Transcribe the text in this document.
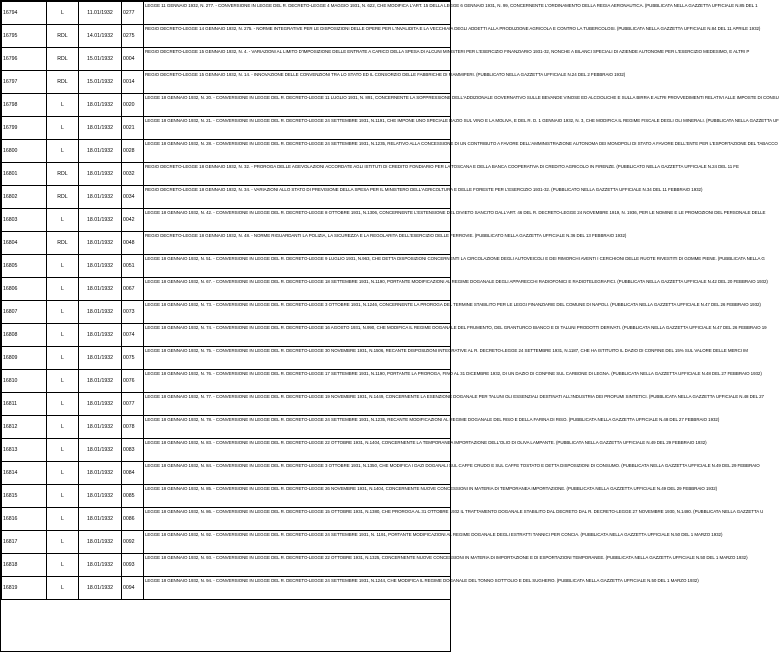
16794	L	11.01/1932	0277	LEGGE 11 GENNAIO 1932, N. 277. - CONVERSIONE IN LEGGE DEL R. DECRETO-LEGGE 4 MAGGIO 1931, N. 622, CHE MODIFICA L'ART. 15 DELLA LEGGE 6 GENNAIO 1931, N. 99, CONCERNENTE L'ORDINAMENTO DELLA REGIA AERONAUTICA. (PUBBLICATA NELLA GAZZETTA UFFICIALE N.85 DEL 1
16795	RDL	14.01/1932	0275	REGIO DECRETO-LEGGE 14 GENNAIO 1932, N. 275. - NORME INTEGRATIVE PER LE DISPOSIZIONI DELLE OPERE PER L'INVALIDITA E LA VECCHIAIA DEGLI ADDETTI ALLA PRODUZIONE AGRICOLA E CONTRO LA TUBERCOLOSI. (PUBBLICATA NELLA GAZZETTA UFFICIALE N.84 DEL 11 APRILE 1932)
16796	RDL	15.01/1932	0004	REGIO DECRETO-LEGGE 15 GENNAIO 1932, N. 4. - VARIAZIONI AL LIMITO D'IMPOSIZIONE DELLE ENTRATE A CARICO DELLA SPESA DI ALCUNI MINISTERI PER L'ESERCIZIO FINANZIARIO 1931-32, NONCHE A BILANCI SPECIALI DI AZIENDE AUTONOME PER L'ESERCIZIO MEDESIMO, E ALTRI P
16797	RDL	15.01/1932	0014	REGIO DECRETO-LEGGE 15 GENNAIO 1932, N. 14. - INNOVAZIONE DELLE CONVENZIONI TRA LO STATO ED IL CONSORZIO DELLE FABBRICHE DI FIAMMIFERI. (PUBBLICATO NELLA GAZZETTA UFFICIALE N.24 DEL 2 FEBBRAIO 1932)
16798	L	18.01/1932	0020	LEGGE 18 GENNAIO 1932, N. 20. - CONVERSIONE IN LEGGE DEL R. DECRETO-LEGGE 11 LUGLIO 1931, N. 891, CONCERNENTE LA SOPPRESSIONE DELL'ADDIZIONALE GOVERNATIVO SULLE BEVANDE VINOSE ED ALCOOLICHE E SULLA BIRRA E ALTRI PROVVEDIMENTI RELATIVI ALLE IMPOSTE DI CONSU
16799	L	18.01/1932	0021	LEGGE 18 GENNAIO 1932, N. 21. - CONVERSIONE IN LEGGE DEL R. DECRETO-LEGGE 24 SETTEMBRE 1931, N.1191, CHE IMPONE UNO SPECIALE DAZIO SUL VINO E LA MOLIVA, E DEL R. D. 1 GENNAIO 1932, N. 3, CHE MODIFICA IL REGIME FISCALE DEGLI OLI MINERALI. (PUBBLICATA NELLA GAZZETTA UF
16800	L	18.01/1932	0028	LEGGE 18 GENNAIO 1932, N. 28. - CONVERSIONE IN LEGGE DEL R. DECRETO-LEGGE 24 SETTEMBRE 1931, N.1235, RELATIVO ALLA CONCESSIONE DI UN CONTRIBUTO A FAVORE DELL'AMMINISTRAZIONE AUTONOMA DEI MONOPOLI DI STATO A FAVORE DELL'ENTE PER L'ESPORTAZIONE DEL TABACCO
16801	RDL	18.01/1932	0032	REGIO DECRETO-LEGGE 18 GENNAIO 1932, N. 32. - PROROGA DELLE AGEVOLAZIONI ACCORDATE AGLI ISTITUTI DI CREDITO FONDIARIO PER LA TOSCANA E DELLA BANCA COOPERATIVA DI CREDITO AGRICOLO IN FIRENZE. (PUBBLICATO NELLA GAZZETTA UFFICIALE N.24 DEL 11 FE
16802	RDL	18.01/1932	0034	REGIO DECRETO-LEGGE 18 GENNAIO 1932, N. 34. - VARIAZIONI ALLO STATO DI PREVISIONE DELLA SPESA PER IL MINISTERO DELL'AGRICOLTURA E DELLE FORESTE PER L'ESERCIZIO 1931-32. (PUBBLICATO NELLA GAZZETTA UFFICIALE N.34 DEL 11 FEBBRAIO 1932)
16803	L	18.01/1932	0042	LEGGE 18 GENNAIO 1932, N. 42. - CONVERSIONE IN LEGGE DEL R. DECRETO-LEGGE 8 OTTOBRE 1931, N.1306, CONCERNENTE L'ESTENSIONE DEL DIVIETO SANCITO DALL'ART. 46 DEL R. DECRETO-LEGGE 24 NOVEMBRE 1919, N. 1936, PER LE NOMINE E LE PROMOZIONI DEL PERSONALE DELLE
16804	RDL	18.01/1932	0048	REGIO DECRETO-LEGGE 18 GENNAIO 1932, N. 48. - NORME RIGUARDANTI LA POLIZIA, LA SICUREZZA E LA REGOLARITA DELL'ESERCIZIO DELLE FERROVIE. (PUBBLICATO NELLA GAZZETTA UFFICIALE N.36 DEL 13 FEBBRAIO 1932)
16805	L	18.01/1932	0051	LEGGE 18 GENNAIO 1932, N. 51. - CONVERSIONE IN LEGGE DEL R. DECRETO-LEGGE 9 LUGLIO 1931, N.963, CHE DETTA DISPOSIZIONI CONCERNENTI LA CIRCOLAZIONE DEGLI AUTOVEICOLI E DEI RIMORCHI AVENTI I CERCHIONI DELLE RUOTE RIVESTITI DI GOMME PIENE. (PUBBLICATA NELLA G
16806	L	18.01/1932	0067	LEGGE 18 GENNAIO 1932, N. 67. - CONVERSIONE IN LEGGE DEL R. DECRETO-LEGGE 18 SETTEMBRE 1931, N.1190, PORTANTE MODIFICAZIONI AL REGIME DOGANALE DEGLI APPARECCHI RADIOFONICI E RADIOTELEGRAFICI. (PUBBLICATA NELLA GAZZETTA UFFICIALE N.42 DEL 20 FEBBRAIO 1932)
16807	L	18.01/1932	0073	LEGGE 18 GENNAIO 1932, N. 73. - CONVERSIONE IN LEGGE DEL R. DECRETO-LEGGE 3 OTTOBRE 1931, N.1246, CONCERNENTE LA PROROGA DEL TERMINE STABILITO PER LE LEGGI FINANZIARIE DEL COMUNE DI NAPOLI. (PUBBLICATA NELLA GAZZETTA UFFICIALE N.47 DEL 26 FEBBRAIO 1932)
16808	L	18.01/1932	0074	LEGGE 18 GENNAIO 1932, N. 74. - CONVERSIONE IN LEGGE DEL R. DECRETO-LEGGE 16 AGOSTO 1931, N.990, CHE MODIFICA IL REGIME DOGANALE DEL FRUMENTO, DEL GRANTURCO BIANCO E DI TALUNI PRODOTTI DERIVATI. (PUBBLICATA NELLA GAZZETTA UFFICIALE N.47 DEL 26 FEBBRAIO 19
16809	L	18.01/1932	0075	LEGGE 18 GENNAIO 1932, N. 75. - CONVERSIONE IN LEGGE DEL R. DECRETO-LEGGE 30 NOVEMBRE 1931, N.1506, RECANTE DISPOSIZIONI INTEGRATIVE AL R. DECRETO-LEGGE 24 SETTEMBRE 1931, N.1187, CHE HA ISTITUITO IL DAZIO DI CONFINE DEL 15% SUL VALORE DELLE MERCI IM
16810	L	18.01/1932	0076	LEGGE 18 GENNAIO 1932, N. 76. - CONVERSIONE IN LEGGE DEL R. DECRETO-LEGGE 17 SETTEMBRE 1931, N.1190, PORTANTE LA PROROGA, FINO AL 31 DICEMBRE 1932, DI UN DAZIO DI CONFINE SUL CARBONE DI LEGNA. (PUBBLICATA NELLA GAZZETTA UFFICIALE N.48 DEL 27 FEBBRAIO 1932)
16811	L	18.01/1932	0077	LEGGE 18 GENNAIO 1932, N. 77. - CONVERSIONE IN LEGGE DEL R. DECRETO-LEGGE 19 NOVEMBRE 1931, N.1449, CONCERNENTE LA ESENZIONE DOGANALE PER TALUNI OLI ESSENZIALI DESTINATI ALL'INDUSTRIA DEI PROFUMI SINTETICI. (PUBBLICATA NELLA GAZZETTA UFFICIALE N.48 DEL 27
16812	L	18.01/1932	0078	LEGGE 18 GENNAIO 1932, N. 78. - CONVERSIONE IN LEGGE DEL R. DECRETO-LEGGE 24 SETTEMBRE 1931, N.1235, RECANTE MODIFICAZIONI AL REGIME DOGANALE DEL RISO E DELLA FARINA DI RISO. (PUBBLICATA NELLA GAZZETTA UFFICIALE N.48 DEL 27 FEBBRAIO 1932)
16813	L	18.01/1932	0083	LEGGE 18 GENNAIO 1932, N. 83. - CONVERSIONE IN LEGGE DEL R. DECRETO-LEGGE 22 OTTOBRE 1931, N.1404, CONCERNENTE LA TEMPORANEA IMPORTAZIONE DELL'OLIO DI OLIVA LAMPANTE. (PUBBLICATA NELLA GAZZETTA UFFICIALE N.49 DEL 29 FEBBRAIO 1932)
16814	L	18.01/1932	0084	LEGGE 18 GENNAIO 1932, N. 84. - CONVERSIONE IN LEGGE DEL R. DECRETO-LEGGE 3 OTTOBRE 1931, N.1350, CHE MODIFICA I DAZI DOGANALI SUL CAFFE CRUDO E SUL CAFFE TOSTATO E DETTA DISPOSIZIONI DI CONSUMO. (PUBBLICATA NELLA GAZZETTA UFFICIALE N.49 DEL 29 FEBBRAIO
16815	L	18.01/1932	0085	LEGGE 18 GENNAIO 1932, N. 85. - CONVERSIONE IN LEGGE DEL R. DECRETO-LEGGE 26 NOVEMBRE 1931, N.1404, CONCERNENTE NUOVE CONCESSIONI IN MATERIA DI TEMPORANEA IMPORTAZIONE. (PUBBLICATA NELLA GAZZETTA UFFICIALE N.49 DEL 29 FEBBRAIO 1932)
16816	L	18.01/1932	0086	LEGGE 18 GENNAIO 1932, N. 86. - CONVERSIONE IN LEGGE DEL R. DECRETO-LEGGE 15 OTTOBRE 1931, N.1380, CHE PROROGA AL 31 OTTOBRE 1932 IL TRATTAMENTO DOGANALE STABILITO DAL DECRETO DAL R. DECRETO-LEGGE 27 NOVEMBRE 1930, N.1480. (PUBBLICATA NELLA GAZZETTA U
16817	L	18.01/1932	0092	LEGGE 18 GENNAIO 1932, N. 92. - CONVERSIONE IN LEGGE DEL R. DECRETO-LEGGE 24 SETTEMBRE 1931, N. 1191, PORTANTE MODIFICAZIONI AL REGIME DOGANALE DEGLI ESTRATTI TANNICI PER CONCIA. (PUBBLICATA NELLA GAZZETTA UFFICIALE N.50 DEL 1 MARZO 1932)
16818	L	18.01/1932	0093	LEGGE 18 GENNAIO 1932, N. 93. - CONVERSIONE IN LEGGE DEL R. DECRETO-LEGGE 22 OTTOBRE 1931, N.1325, CONCERNENTE NUOVE CONCESSIONI IN MATERIA DI IMPORTAZIONE E DI ESPORTAZIONI TEMPORANEE. (PUBBLICATA NELLA GAZZETTA UFFICIALE N.50 DEL 1 MARZO 1932)
16819	L	18.01/1932	0094	LEGGE 18 GENNAIO 1932, N. 94. - CONVERSIONE IN LEGGE DEL R. DECRETO-LEGGE 24 SETTEMBRE 1931, N.1244, CHE MODIFICA IL REGIME DOGANALE DEL TONNO SOTT'OLIO E DEL SUGHERO. (PUBBLICATA NELLA GAZZETTA UFFICIALE N.50 DEL 1 MARZO 1932)
